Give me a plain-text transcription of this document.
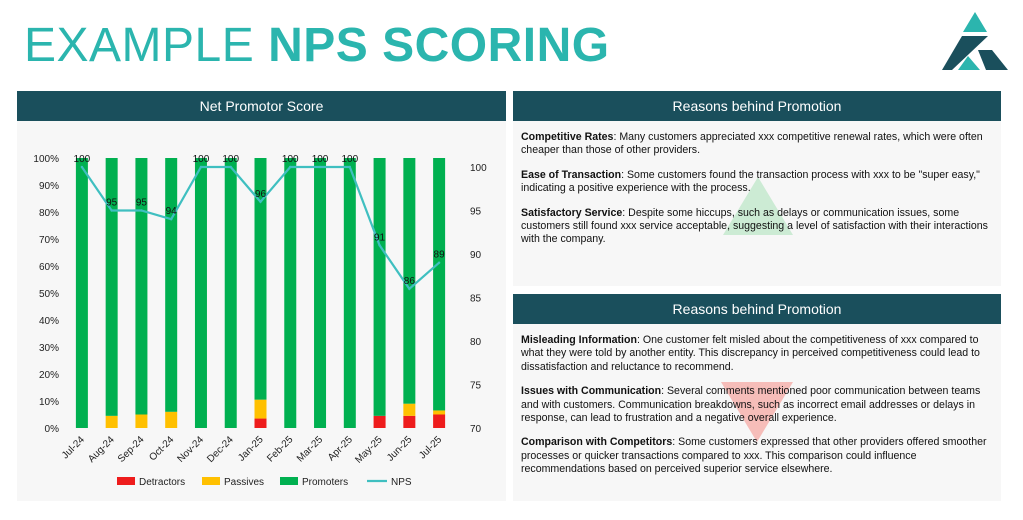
EXAMPLE NPS SCORING
Net Promotor Score
0%
10%
20%
30%
40%
50%
60%
70%
80%
90%
100%
70
75
80
85
90
95
100
Jul-24 Aug-24 Sep-24 Oct-24 Nov-24 Dec-24 Jan-25 Feb-25 Mar-25 Apr-25
May-25 Jun-25 Jul-25
100
95 95
94
100 100
96
100 100 100
91
86
89
Detractors	Passives	Promoters	NPS
Reasons behind Promotion

Competitive Rates: Many customers appreciated xxx competitive renewal rates, which were often cheaper than those of other providers.

Ease of Transaction: Some customers found the transaction process with xxx to be "super easy," indicating a positive experience with the process.

Satisfactory Service: Despite some hiccups, such as delays or communication issues, some customers still found xxx service acceptable, suggesting a level of satisfaction with their interactions with the company.

Reasons behind Promotion

Misleading Information: One customer felt misled about the competitiveness of xxx compared to what they were told by another entity. This discrepancy in perceived competitiveness could lead to dissatisfaction and reluctance to recommend.

Issues with Communication: Several comments mentioned poor communication between teams and with customers. Communication breakdowns, such as incorrect email addresses or delays in response, can lead to frustration and a negative overall experience.

Comparison with Competitors: Some customers expressed that other providers offered smoother processes or quicker transactions compared to xxx. This comparison could influence recommendations based on perceived superior service elsewhere.
